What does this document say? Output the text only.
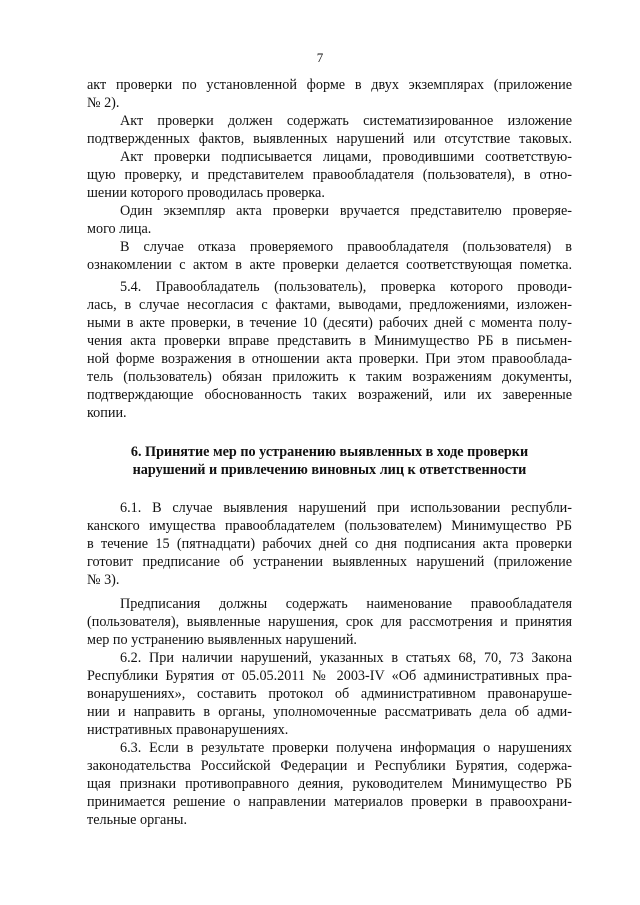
7
акт проверки по установленной форме в двух экземплярах (приложение
№ 2).
Акт проверки должен содержать систематизированное изложение
подтвержденных фактов, выявленных нарушений или отсутствие таковых.
Акт проверки подписывается лицами, проводившими соответствую-
щую проверку, и представителем правообладателя (пользователя), в отно-
шении которого проводилась проверка.
Один экземпляр акта проверки вручается представителю проверяе-
мого лица.
В случае отказа проверяемого правообладателя (пользователя) в
ознакомлении с актом в акте проверки делается соответствующая пометка.
5.4. Правообладатель (пользователь), проверка которого проводи-
лась, в случае несогласия с фактами, выводами, предложениями, изложен-
ными в акте проверки, в течение 10 (десяти) рабочих дней с момента полу-
чения акта проверки вправе представить в Минимущество РБ в письмен-
ной форме возражения в отношении акта проверки. При этом правооблада-
тель (пользователь) обязан приложить к таким возражениям документы,
подтверждающие обоснованность таких возражений, или их заверенные
копии.
6. Принятие мер по устранению выявленных в ходе проверки
нарушений и привлечению виновных лиц к ответственности
6.1. В случае выявления нарушений при использовании республи-
канского имущества правообладателем (пользователем) Минимущество РБ
в течение 15 (пятнадцати) рабочих дней со дня подписания акта проверки
готовит предписание об устранении выявленных нарушений (приложение
№ 3).
Предписания должны содержать наименование правообладателя
(пользователя), выявленные нарушения, срок для рассмотрения и принятия
мер по устранению выявленных нарушений.
6.2. При наличии нарушений, указанных в статьях 68, 70, 73 Закона
Республики Бурятия от 05.05.2011 № 2003-IV «Об административных пра-
вонарушениях», составить протокол об административном правонаруше-
нии и направить в органы, уполномоченные рассматривать дела об адми-
нистративных правонарушениях.
6.3. Если в результате проверки получена информация о нарушениях
законодательства Российской Федерации и Республики Бурятия, содержа-
щая признаки противоправного деяния, руководителем Минимущество РБ
принимается решение о направлении материалов проверки в правоохрани-
тельные органы.
